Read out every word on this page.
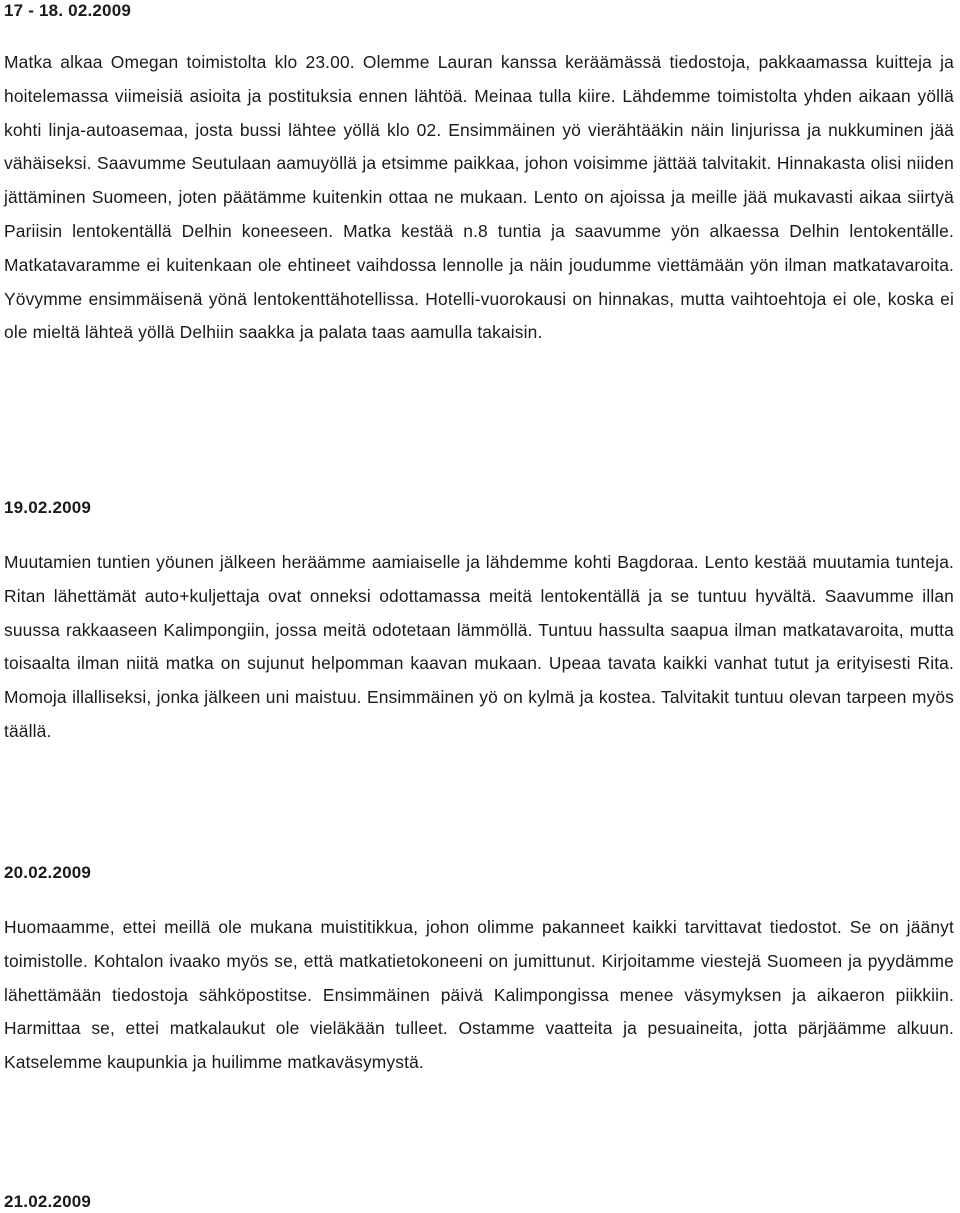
17 - 18. 02.2009

Matka alkaa Omegan toimistolta klo 23.00. Olemme Lauran kanssa keräämässä tiedostoja, pakkaamassa kuitteja ja hoitelemassa viimeisiä asioita ja postituksia ennen lähtöä. Meinaa tulla kiire. Lähdemme toimistolta yhden aikaan yöllä kohti linja-autoasemaa, josta bussi lähtee yöllä klo 02. Ensimmäinen yö vierähtääkin näin linjurissa ja nukkuminen jää vähäiseksi. Saavumme Seutulaan aamuyöllä ja etsimme paikkaa, johon voisimme jättää talvitakit. Hinnakasta olisi niiden jättäminen Suomeen, joten päätämme kuitenkin ottaa ne mukaan. Lento on ajoissa ja meille jää mukavasti aikaa siirtyä Pariisin lentokentällä Delhin koneeseen. Matka kestää n.8 tuntia ja saavumme yön alkaessa Delhin lentokentälle. Matkatavaramme ei kuitenkaan ole ehtineet vaihdossa lennolle ja näin joudumme viettämään yön ilman matkatavaroita. Yövymme ensimmäisenä yönä lentokenttähotellissa. Hotelli-vuorokausi on hinnakas, mutta vaihtoehtoja ei ole, koska ei ole mieltä lähteä yöllä Delhiin saakka ja palata taas aamulla takaisin.

19.02.2009

Muutamien tuntien yöunen jälkeen heräämme aamiaiselle ja lähdemme kohti Bagdoraa. Lento kestää muutamia tunteja. Ritan lähettämät auto+kuljettaja ovat onneksi odottamassa meitä lentokentällä ja se tuntuu hyvältä. Saavumme illan suussa rakkaaseen Kalimpongiin, jossa meitä odotetaan lämmöllä. Tuntuu hassulta saapua ilman matkatavaroita, mutta toisaalta ilman niitä matka on sujunut helpomman kaavan mukaan. Upeaa tavata kaikki vanhat tutut ja erityisesti Rita. Momoja illalliseksi, jonka jälkeen uni maistuu. Ensimmäinen yö on kylmä ja kostea. Talvitakit tuntuu olevan tarpeen myös täällä.

20.02.2009

Huomaamme, ettei meillä ole mukana muistitikkua, johon olimme pakanneet kaikki tarvittavat tiedostot. Se on jäänyt toimistolle. Kohtalon ivaako myös se, että matkatietokoneeni on jumittunut. Kirjoitamme viestejä Suomeen ja pyydämme lähettämään tiedostoja sähköpostitse. Ensimmäinen päivä Kalimpongissa menee väsymyksen ja aikaeron piikkiin. Harmittaa se, ettei matkalaukut ole vieläkään tulleet. Ostamme vaatteita ja pesuaineita, jotta pärjäämme alkuun. Katselemme kaupunkia ja huilimme matkaväsymystä.

21.02.2009
